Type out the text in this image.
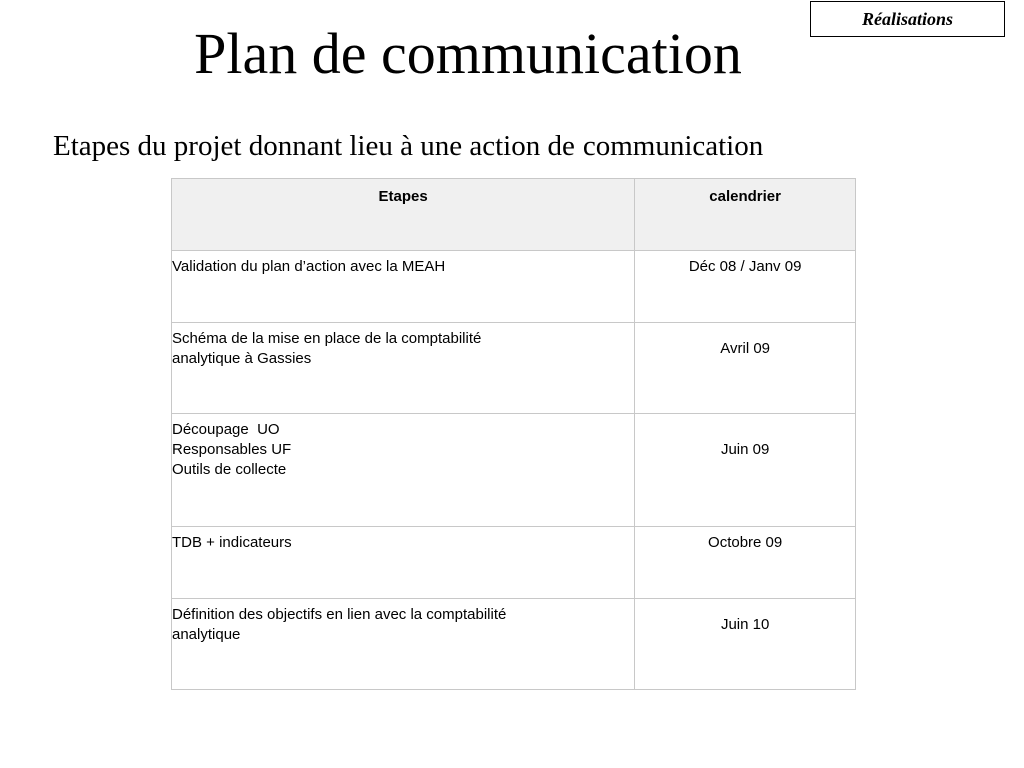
Réalisations
Plan de communication
Etapes du projet donnant lieu à une action de communication
Etapes	calendrier

Validation du plan d’action avec la MEAH	Déc 08 / Janv 09

Schéma de la mise en place de la comptabilité
analytique à Gassies	Avril 09

Découpage  UO
Responsables UF
Outils de collecte	Juin 09

TDB + indicateurs	Octobre 09

Définition des objectifs en lien avec la comptabilité
analytique	Juin 10
